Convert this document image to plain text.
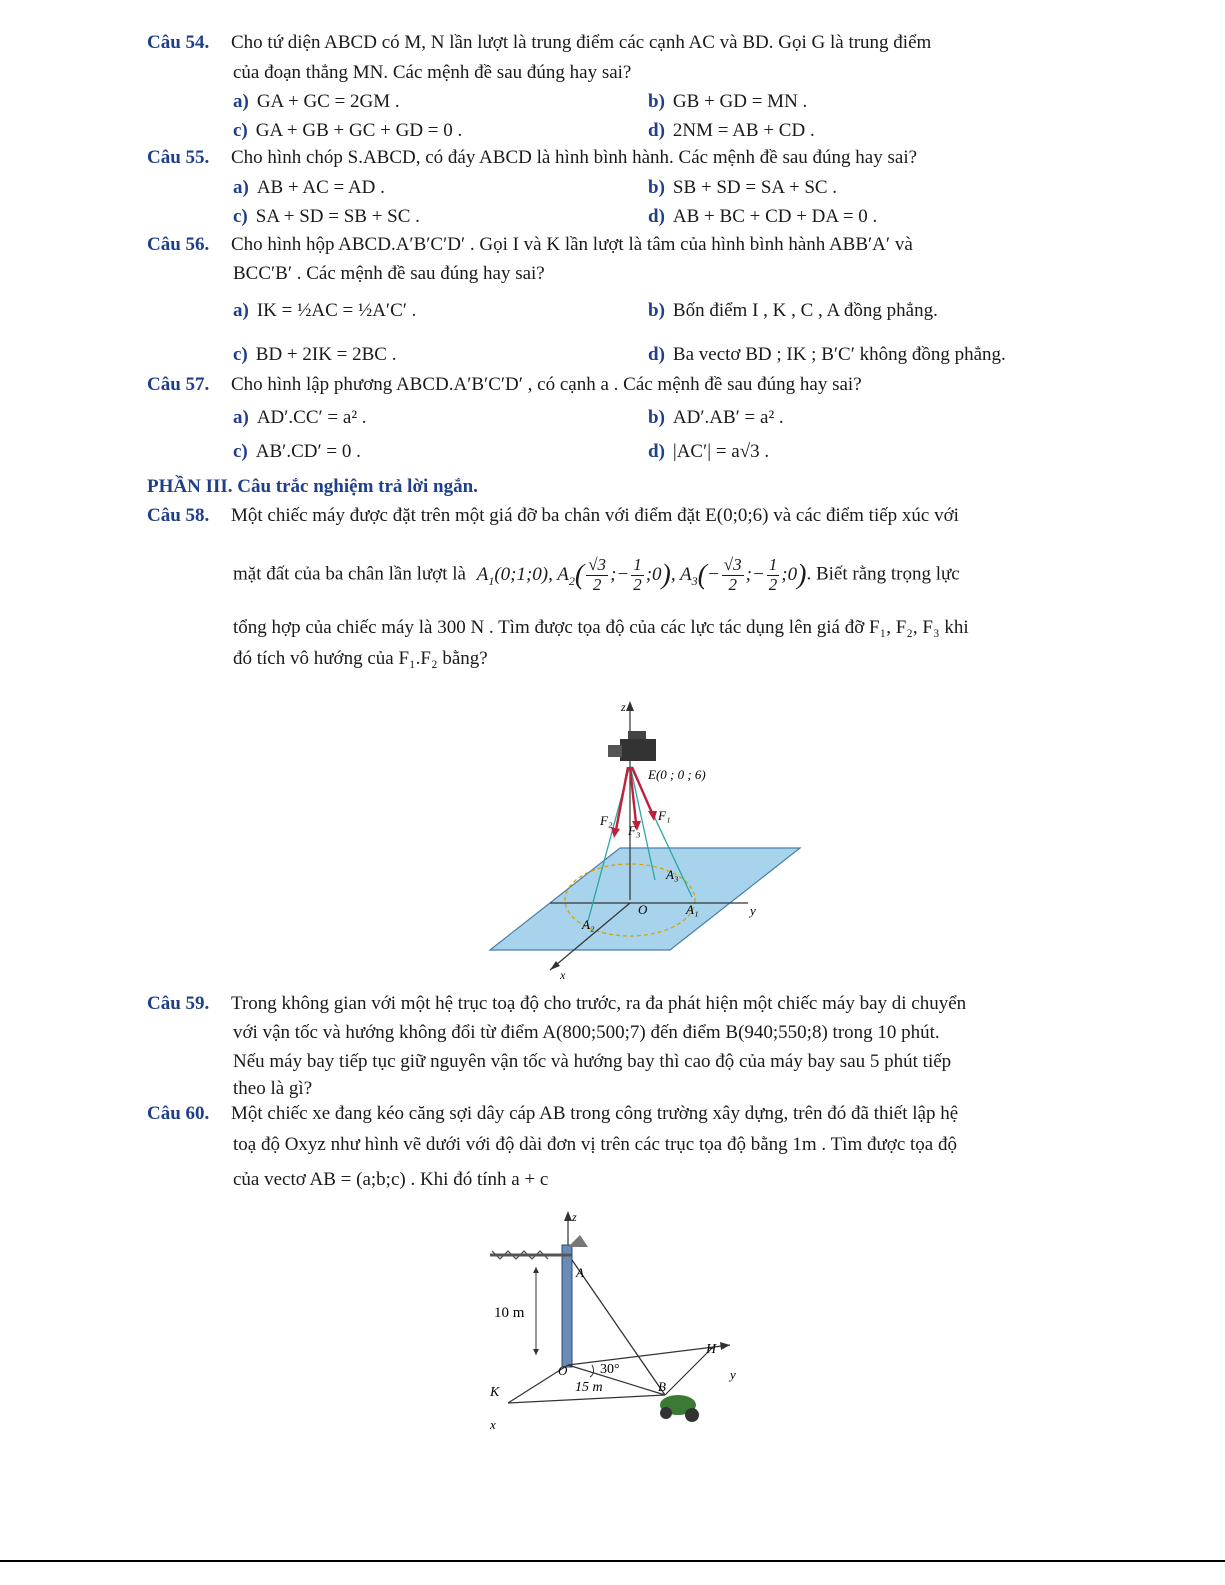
Câu 54. Cho tứ diện ABCD có M, N lần lượt là trung điểm các cạnh AC và BD. Gọi G là trung điểm
của đoạn thẳng MN. Các mệnh đề sau đúng hay sai?
a) GA + GC = 2GM .	b) GB + GD = MN .
c) GA + GB + GC + GD = 0 .	d) 2NM = AB + CD .
Câu 55. Cho hình chóp S.ABCD, có đáy ABCD là hình bình hành. Các mệnh đề sau đúng hay sai?
a) AB + AC = AD .	b) SB + SD = SA + SC .
c) SA + SD = SB + SC .	d) AB + BC + CD + DA = 0 .
Câu 56. Cho hình hộp ABCD.A′B′C′D′ . Gọi I và K lần lượt là tâm của hình bình hành ABB′A′ và
BCC′B′ . Các mệnh đề sau đúng hay sai?
a) IK = ½AC = ½A′C′ .	b) Bốn điểm I , K , C , A đồng phẳng.
c) BD + 2IK = 2BC .	d) Ba vectơ BD ; IK ; B′C′ không đồng phẳng.
Câu 57. Cho hình lập phương ABCD.A′B′C′D′ , có cạnh a . Các mệnh đề sau đúng hay sai?
a) AD′.CC′ = a² .	b) AD′.AB′ = a² .
c) AB′.CD′ = 0 .	d) |AC′| = a√3 .
PHẦN III. Câu trắc nghiệm trả lời ngắn.
Câu 58. Một chiếc máy được đặt trên một giá đỡ ba chân với điểm đặt E(0;0;6) và các điểm tiếp xúc với
mặt đất của ba chân lần lượt là $A_1(0;1;0)$, $A_2( \frac{√3}{2}$ ;− $\frac{1}{2}$ ;0), $A_3(- \frac{√3}{2}$ ;− $\frac{1}{2}$ ;0). Biết rằng trọng lực
tổng hợp của chiếc máy là 300 N . Tìm được tọa độ của các lực tác dụng lên giá đỡ F₁, F₂, F₃ khi
đó tích vô hướng của F₁.F₂ bằng?
z
E(0 ; 0 ; 6)
F₁
F₂
F₃
A₃
O	A₁
A₂
y
x
Câu 59. Trong không gian với một hệ trục toạ độ cho trước, ra đa phát hiện một chiếc máy bay di chuyển
với vận tốc và hướng không đổi từ điểm A(800;500;7) đến điểm B(940;550;8) trong 10 phút.
Nếu máy bay tiếp tục giữ nguyên vận tốc và hướng bay thì cao độ của máy bay sau 5 phút tiếp
theo là gì?
Câu 60. Một chiếc xe đang kéo căng sợi dây cáp AB trong công trường xây dựng, trên đó đã thiết lập hệ
toạ độ Oxyz như hình vẽ dưới với độ dài đơn vị trên các trục tọa độ bằng 1m . Tìm được tọa độ
của vectơ AB = (a;b;c) . Khi đó tính a + c
z
A
10 m
H
O 30°
15 m	B
K
x
y
